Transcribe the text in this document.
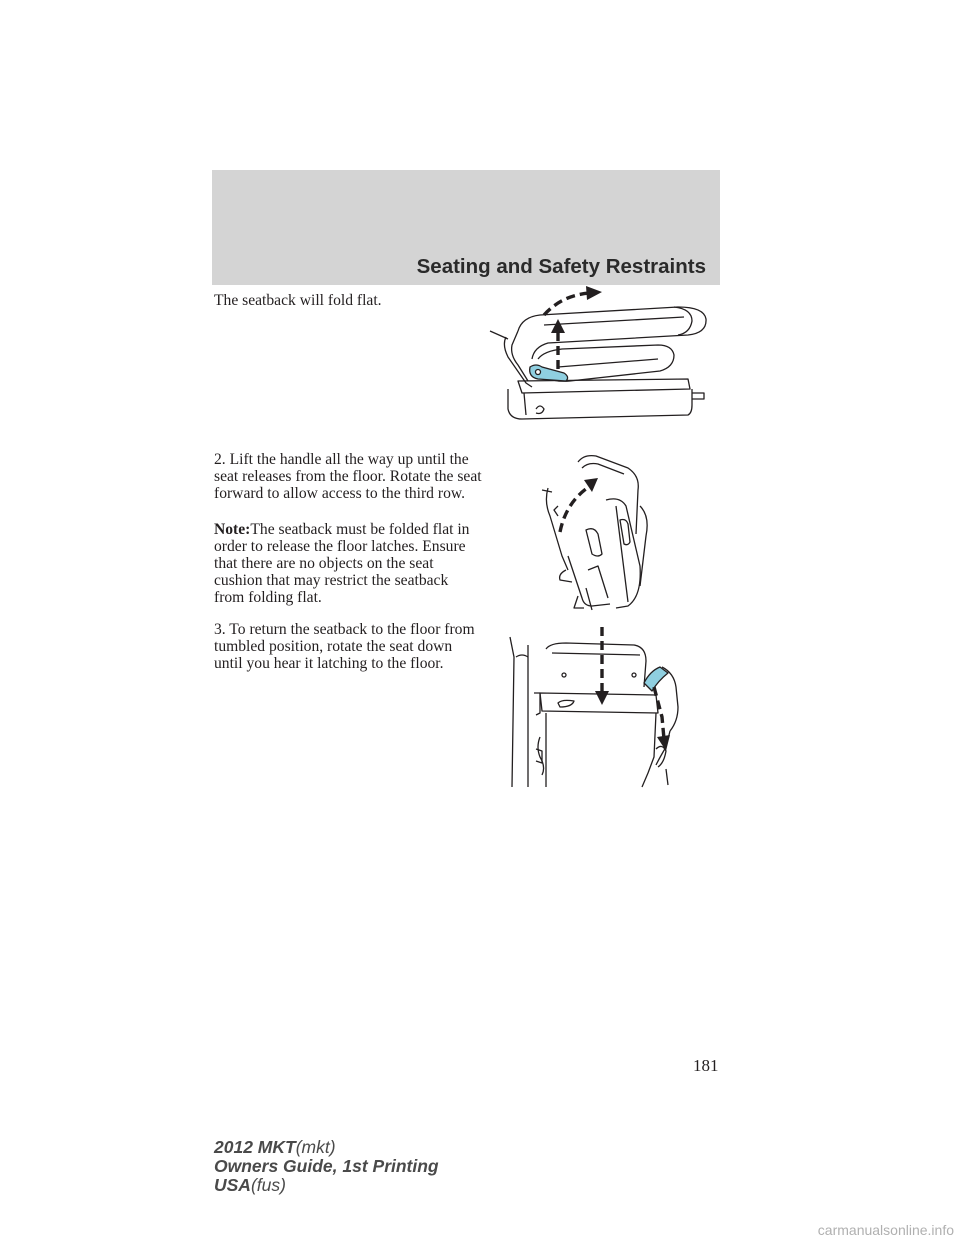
Seating and Safety Restraints

The seatback will fold flat.

2. Lift the handle all the way up until the seat releases from the floor. Rotate the seat forward to allow access to the third row.

Note:The seatback must be folded flat in order to release the floor latches. Ensure that there are no objects on the seat cushion that may restrict the seatback from folding flat.

3. To return the seatback to the floor from tumbled position, rotate the seat down until you hear it latching to the floor.

181
2012 MKT(mkt)
Owners Guide, 1st Printing
USA(fus)
carmanualsonline.info
